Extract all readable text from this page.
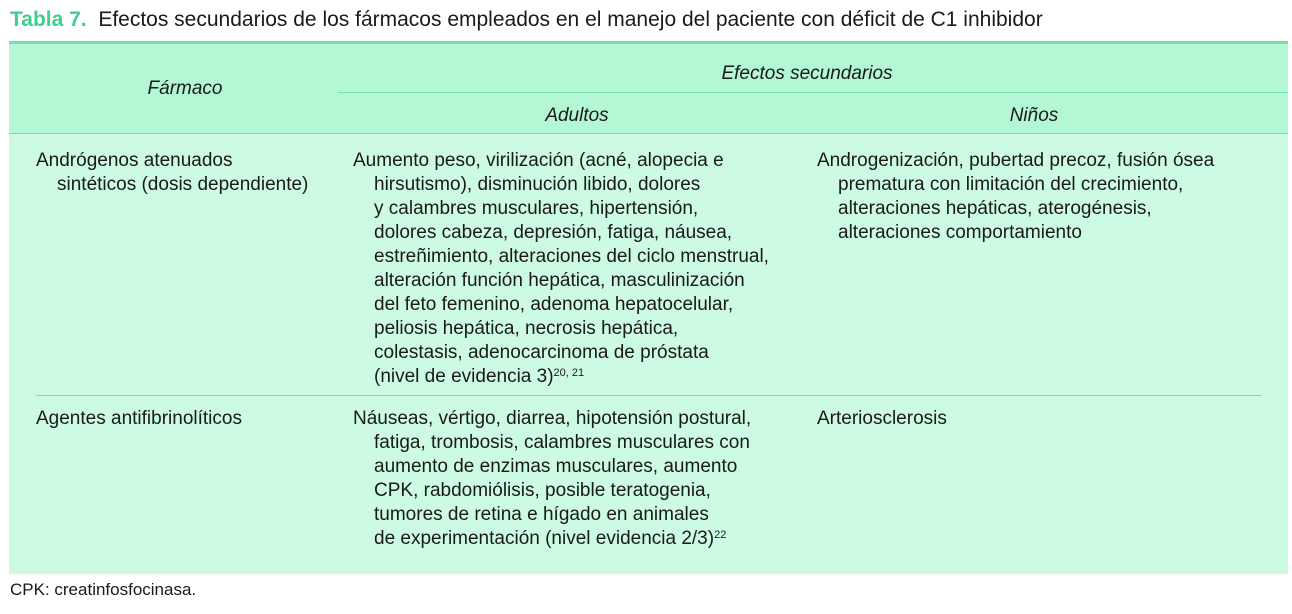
Tabla 7. Efectos secundarios de los fármacos empleados en el manejo del paciente con déficit de C1 inhibidor
Fármaco
Efectos secundarios
Adultos	Niños
Andrógenos atenuados
sintéticos (dosis dependiente)
Aumento peso, virilización (acné, alopecia e
hirsutismo), disminución libido, dolores
y calambres musculares, hipertensión,
dolores cabeza, depresión, fatiga, náusea,
estreñimiento, alteraciones del ciclo menstrual,
alteración función hepática, masculinización
del feto femenino, adenoma hepatocelular,
peliosis hepática, necrosis hepática,
colestasis, adenocarcinoma de próstata
(nivel de evidencia 3)$^{20, 21}$
Androgenización, pubertad precoz, fusión ósea
prematura con limitación del crecimiento,
alteraciones hepáticas, aterogénesis,
alteraciones comportamiento
Agentes antifibrinolíticos	Náuseas, vértigo, diarrea, hipotensión postural,
fatiga, trombosis, calambres musculares con
aumento de enzimas musculares, aumento
CPK, rabdomiólisis, posible teratogenia,
tumores de retina e hígado en animales
de experimentación (nivel evidencia 2/3)$^{22}$
Arteriosclerosis
CPK: creatinfosfocinasa.
